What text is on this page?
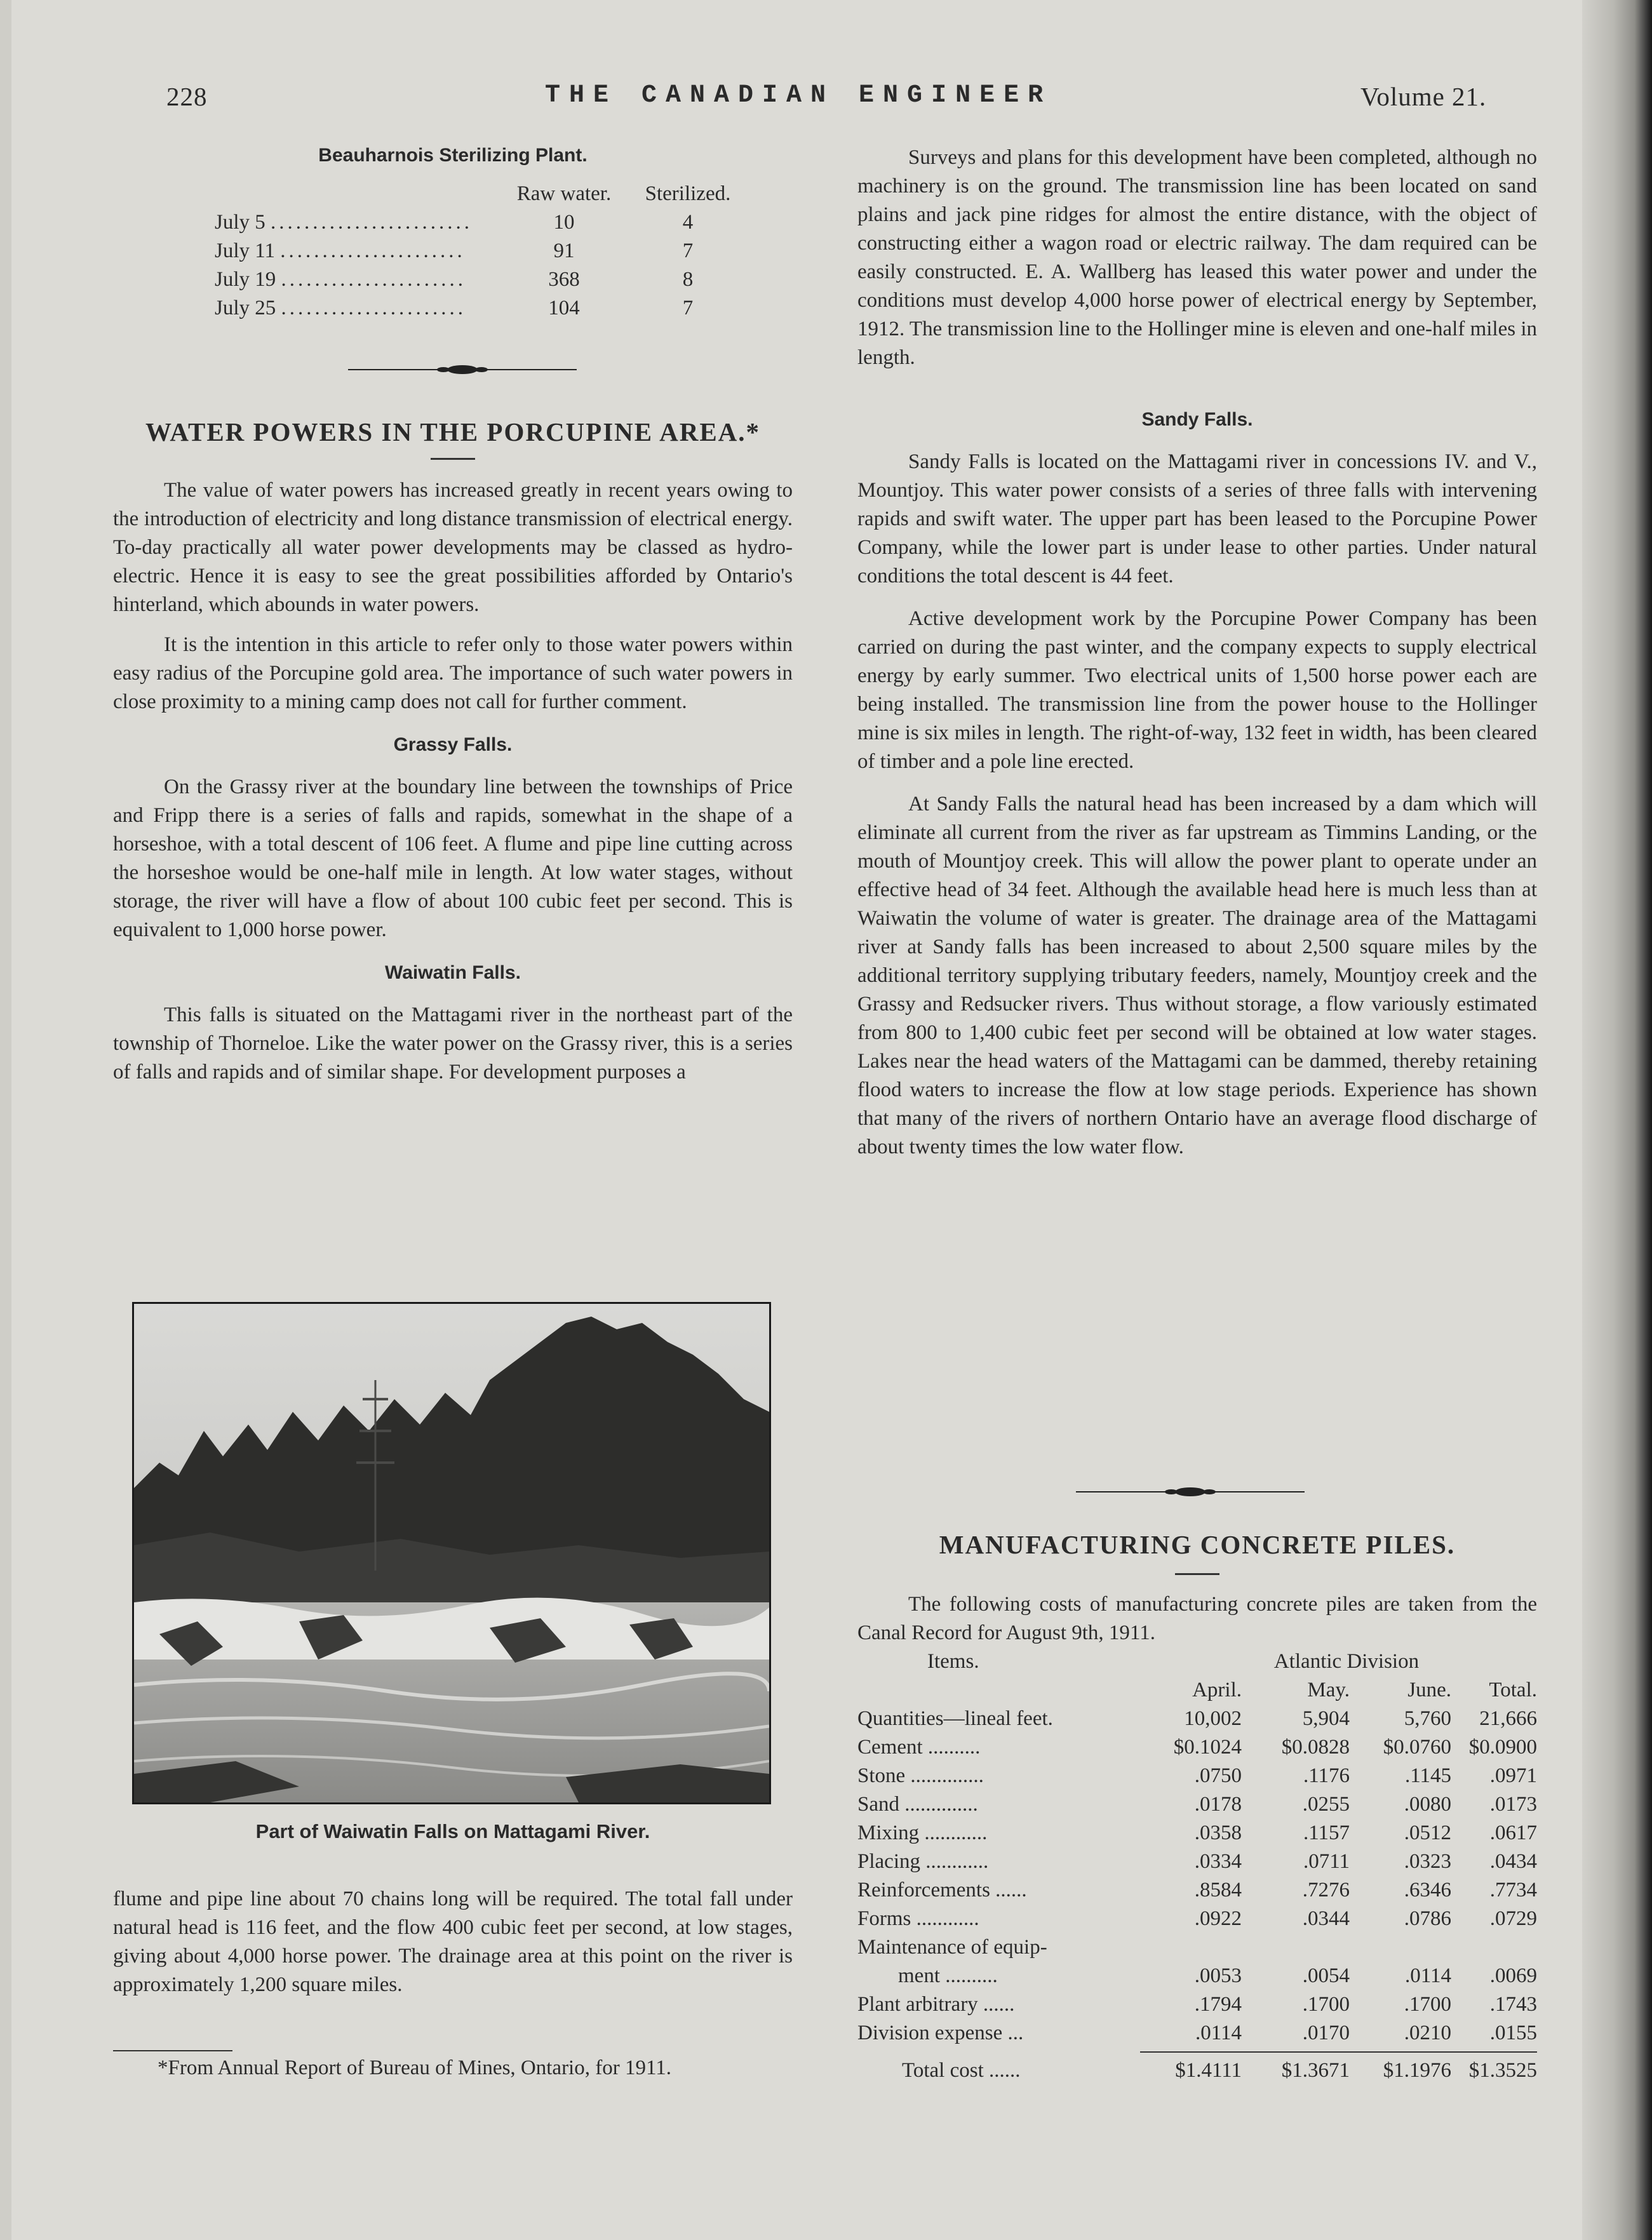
228	THE CANADIAN ENGINEER	Volume 21.
Beauharnois Sterilizing Plant.
	Raw water.	Sterilized.
July 5 ........................	10	4
July 11 ......................	91	7
July 19 ......................	368	8
July 25 ......................	104	7
WATER POWERS IN THE PORCUPINE AREA.*

The value of water powers has increased greatly in recent years owing to the introduction of electricity and long distance transmission of electrical energy. To-day practically all water power developments may be classed as hydro-electric. Hence it is easy to see the great possibilities afforded by Ontario's hinterland, which abounds in water powers.

It is the intention in this article to refer only to those water powers within easy radius of the Porcupine gold area. The importance of such water powers in close proximity to a mining camp does not call for further comment.

Grassy Falls.

On the Grassy river at the boundary line between the townships of Price and Fripp there is a series of falls and rapids, somewhat in the shape of a horseshoe, with a total descent of 106 feet. A flume and pipe line cutting across the horseshoe would be one-half mile in length. At low water stages, without storage, the river will have a flow of about 100 cubic feet per second. This is equivalent to 1,000 horse power.

Waiwatin Falls.

This falls is situated on the Mattagami river in the northeast part of the township of Thorneloe. Like the water power on the Grassy river, this is a series of falls and rapids and of similar shape. For development purposes a

Part of Waiwatin Falls on Mattagami River.

flume and pipe line about 70 chains long will be required. The total fall under natural head is 116 feet, and the flow 400 cubic feet per second, at low stages, giving about 4,000 horse power. The drainage area at this point on the river is approximately 1,200 square miles.

*From Annual Report of Bureau of Mines, Ontario, for 1911.

Surveys and plans for this development have been completed, although no machinery is on the ground. The transmission line has been located on sand plains and jack pine ridges for almost the entire distance, with the object of constructing either a wagon road or electric railway. The dam required can be easily constructed. E. A. Wallberg has leased this water power and under the conditions must develop 4,000 horse power of electrical energy by September, 1912. The transmission line to the Hollinger mine is eleven and one-half miles in length.

Sandy Falls.

Sandy Falls is located on the Mattagami river in concessions IV. and V., Mountjoy. This water power consists of a series of three falls with intervening rapids and swift water. The upper part has been leased to the Porcupine Power Company, while the lower part is under lease to other parties. Under natural conditions the total descent is 44 feet.

Active development work by the Porcupine Power Company has been carried on during the past winter, and the company expects to supply electrical energy by early summer. Two electrical units of 1,500 horse power each are being installed. The transmission line from the power house to the Hollinger mine is six miles in length. The right-of-way, 132 feet in width, has been cleared of timber and a pole line erected.

At Sandy Falls the natural head has been increased by a dam which will eliminate all current from the river as far upstream as Timmins Landing, or the mouth of Mountjoy creek. This will allow the power plant to operate under an effective head of 34 feet. Although the available head here is much less than at Waiwatin the volume of water is greater. The drainage area of the Mattagami river at Sandy falls has been increased to about 2,500 square miles by the additional territory supplying tributary feeders, namely, Mountjoy creek and the Grassy and Redsucker rivers. Thus without storage, a flow variously estimated from 800 to 1,400 cubic feet per second will be obtained at low water stages. Lakes near the head waters of the Mattagami can be dammed, thereby retaining flood waters to increase the flow at low stage periods. Experience has shown that many of the rivers of northern Ontario have an average flood discharge of about twenty times the low water flow.

MANUFACTURING CONCRETE PILES.

The following costs of manufacturing concrete piles are taken from the Canal Record for August 9th, 1911.

Items.		Atlantic Division		
	April.	May.	June.	Total.
Quantities—lineal feet.	10,002	5,904	5,760	21,666
Cement ..........	$0.1024	$0.0828	$0.0760	$0.0900
Stone ..............	.0750	.1176	.1145	.0971
Sand ..............	.0178	.0255	.0080	.0173
Mixing ............	.0358	.1157	.0512	.0617
Placing ............	.0334	.0711	.0323	.0434
Reinforcements ......	.8584	.7276	.6346	.7734
Forms ............	.0922	.0344	.0786	.0729
Maintenance of equip-				
ment ..........	.0053	.0054	.0114	.0069
Plant arbitrary ......	.1794	.1700	.1700	.1743
Division expense ...	.0114	.0170	.0210	.0155

Total cost ......	$1.4111	$1.3671	$1.1976	$1.3525
